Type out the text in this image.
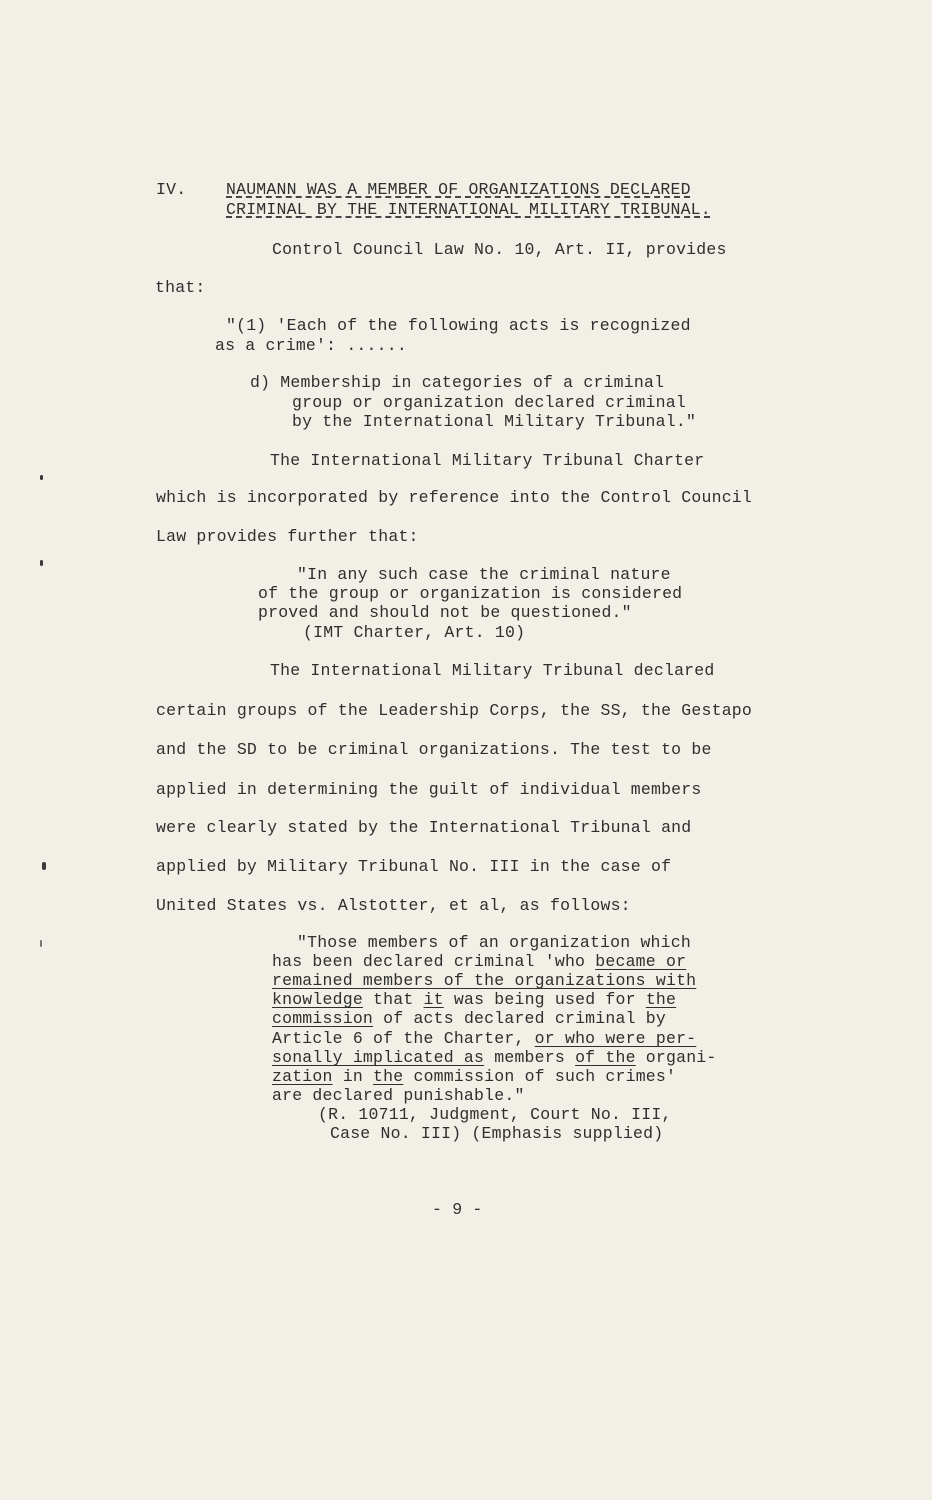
IV. NAUMANN WAS A MEMBER OF ORGANIZATIONS DECLARED

CRIMINAL BY THE INTERNATIONAL MILITARY TRIBUNAL.

Control Council Law No. 10, Art. II, provides

that:

"(1) 'Each of the following acts is recognized

as a crime': ......

d) Membership in categories of a criminal

group or organization declared criminal

by the International Military Tribunal."

The International Military Tribunal Charter

which is incorporated by reference into the Control Council

Law provides further that:

"In any such case the criminal nature

of the group or organization is considered

proved and should not be questioned."

(IMT Charter, Art. 10)

The International Military Tribunal declared

certain groups of the Leadership Corps, the SS, the Gestapo

and the SD to be criminal organizations. The test to be

applied in determining the guilt of individual members

were clearly stated by the International Tribunal and

applied by Military Tribunal No. III in the case of

United States vs. Alstotter, et al, as follows:

"Those members of an organization which

has been declared criminal 'who became or

remained members of the organizations with

knowledge that it was being used for the

commission of acts declared criminal by

Article 6 of the Charter, or who were per-

sonally implicated as members of the organi-

zation in the commission of such crimes'

are declared punishable."

(R. 10711, Judgment, Court No. III,

Case No. III) (Emphasis supplied)

- 9 -
